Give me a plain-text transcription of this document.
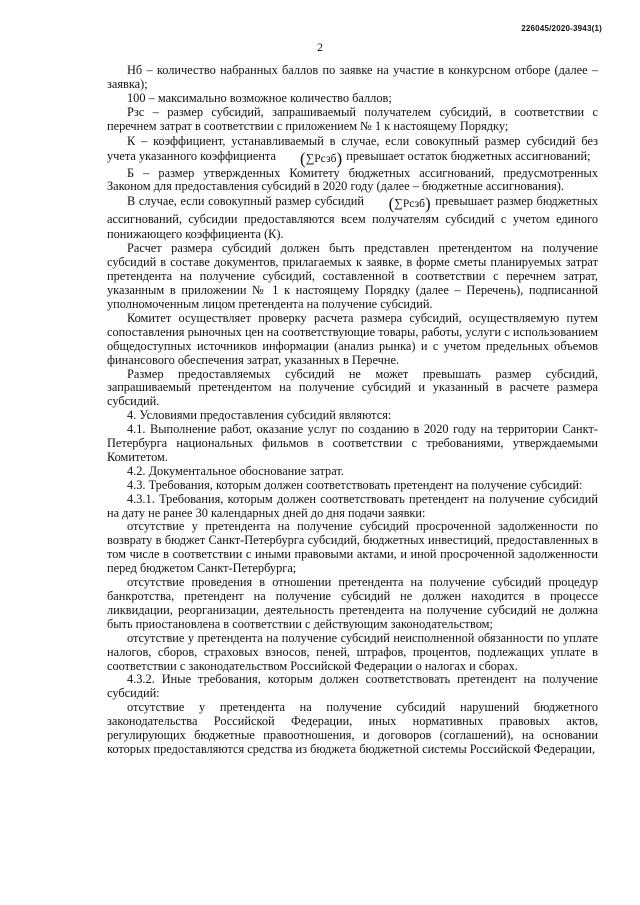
226045/2020-3943(1)
2

Нб – количество набранных баллов по заявке на участие в конкурсном отборе (далее – заявка);

100 – максимально возможное количество баллов;

Рзс – размер субсидий, запрашиваемый получателем субсидий, в соответствии с перечнем затрат в соответствии с приложением № 1 к настоящему Порядку;

К – коэффициент, устанавливаемый в случае, если совокупный размер субсидий без учета указанного коэффициента (∑Рсзб) превышает остаток бюджетных ассигнований;

Б – размер утвержденных Комитету бюджетных ассигнований, предусмотренных Законом для предоставления субсидий в 2020 году (далее – бюджетные ассигнования).

В случае, если совокупный размер субсидий (∑Рсзб) превышает размер бюджетных ассигнований, субсидии предоставляются всем получателям субсидий с учетом единого понижающего коэффициента (К).

Расчет размера субсидий должен быть представлен претендентом на получение субсидий в составе документов, прилагаемых к заявке, в форме сметы планируемых затрат претендента на получение субсидий, составленной в соответствии с перечнем затрат, указанным в приложении № 1 к настоящему Порядку (далее – Перечень), подписанной уполномоченным лицом претендента на получение субсидий.

Комитет осуществляет проверку расчета размера субсидий, осуществляемую путем сопоставления рыночных цен на соответствующие товары, работы, услуги с использованием общедоступных источников информации (анализ рынка) и с учетом предельных объемов финансового обеспечения затрат, указанных в Перечне.

Размер предоставляемых субсидий не может превышать размер субсидий, запрашиваемый претендентом на получение субсидий и указанный в расчете размера субсидий.

4. Условиями предоставления субсидий являются:

4.1. Выполнение работ, оказание услуг по созданию в 2020 году на территории Санкт-Петербурга национальных фильмов в соответствии с требованиями, утверждаемыми Комитетом.

4.2. Документальное обоснование затрат.

4.3. Требования, которым должен соответствовать претендент на получение субсидий:

4.3.1. Требования, которым должен соответствовать претендент на получение субсидий на дату не ранее 30 календарных дней до дня подачи заявки:

отсутствие у претендента на получение субсидий просроченной задолженности по возврату в бюджет Санкт-Петербурга субсидий, бюджетных инвестиций, предоставленных в том числе в соответствии с иными правовыми актами, и иной просроченной задолженности перед бюджетом Санкт-Петербурга;

отсутствие проведения в отношении претендента на получение субсидий процедур банкротства, претендент на получение субсидий не должен находится в процессе ликвидации, реорганизации, деятельность претендента на получение субсидий не должна быть приостановлена в соответствии с действующим законодательством;

отсутствие у претендента на получение субсидий неисполненной обязанности по уплате налогов, сборов, страховых взносов, пеней, штрафов, процентов, подлежащих уплате в соответствии с законодательством Российской Федерации о налогах и сборах.

4.3.2. Иные требования, которым должен соответствовать претендент на получение субсидий:

отсутствие у претендента на получение субсидий нарушений бюджетного законодательства Российской Федерации, иных нормативных правовых актов, регулирующих бюджетные правоотношения, и договоров (соглашений), на основании которых предоставляются средства из бюджета бюджетной системы Российской Федерации,
